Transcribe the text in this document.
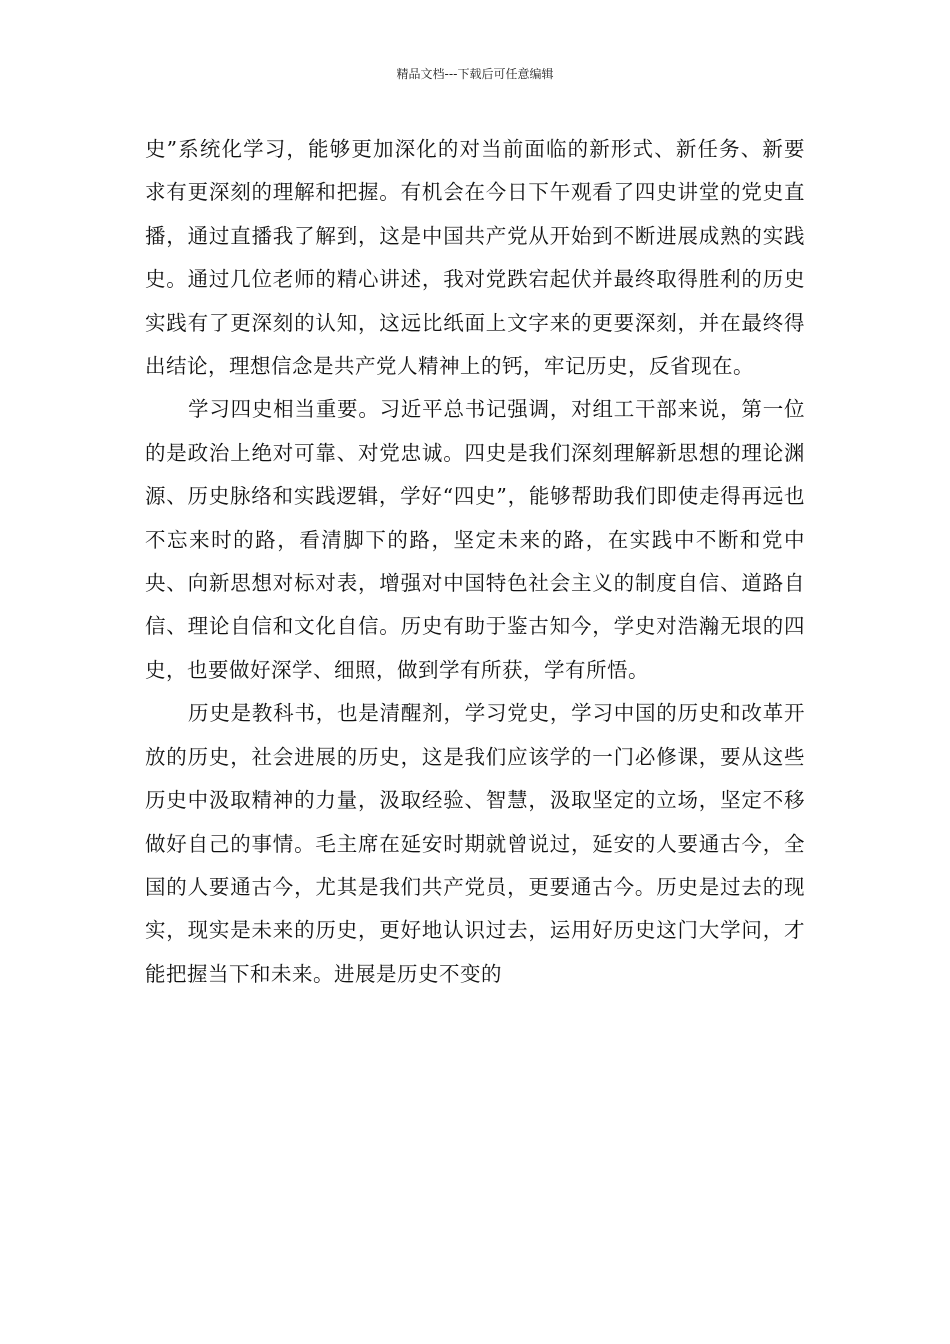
精品文档---下载后可任意编辑

史”系统化学习，能够更加深化的对当前面临的新形式、新任务、新要求有更深刻的理解和把握。有机会在今日下午观看了四史讲堂的党史直播，通过直播我了解到，这是中国共产党从开始到不断进展成熟的实践史。通过几位老师的精心讲述，我对党跌宕起伏并最终取得胜利的历史实践有了更深刻的认知，这远比纸面上文字来的更要深刻，并在最终得出结论，理想信念是共产党人精神上的钙，牢记历史，反省现在。

学习四史相当重要。习近平总书记强调，对组工干部来说，第一位的是政治上绝对可靠、对党忠诚。四史是我们深刻理解新思想的理论渊源、历史脉络和实践逻辑，学好“四史”，能够帮助我们即使走得再远也不忘来时的路，看清脚下的路，坚定未来的路，在实践中不断和党中央、向新思想对标对表，增强对中国特色社会主义的制度自信、道路自信、理论自信和文化自信。历史有助于鉴古知今，学史对浩瀚无垠的四史，也要做好深学、细照，做到学有所获，学有所悟。

历史是教科书，也是清醒剂，学习党史，学习中国的历史和改革开放的历史，社会进展的历史，这是我们应该学的一门必修课，要从这些历史中汲取精神的力量，汲取经验、智慧，汲取坚定的立场，坚定不移做好自己的事情。毛主席在延安时期就曾说过，延安的人要通古今，全国的人要通古今，尤其是我们共产党员，更要通古今。历史是过去的现实，现实是未来的历史，更好地认识过去，运用好历史这门大学问，才能把握当下和未来。进展是历史不变的
